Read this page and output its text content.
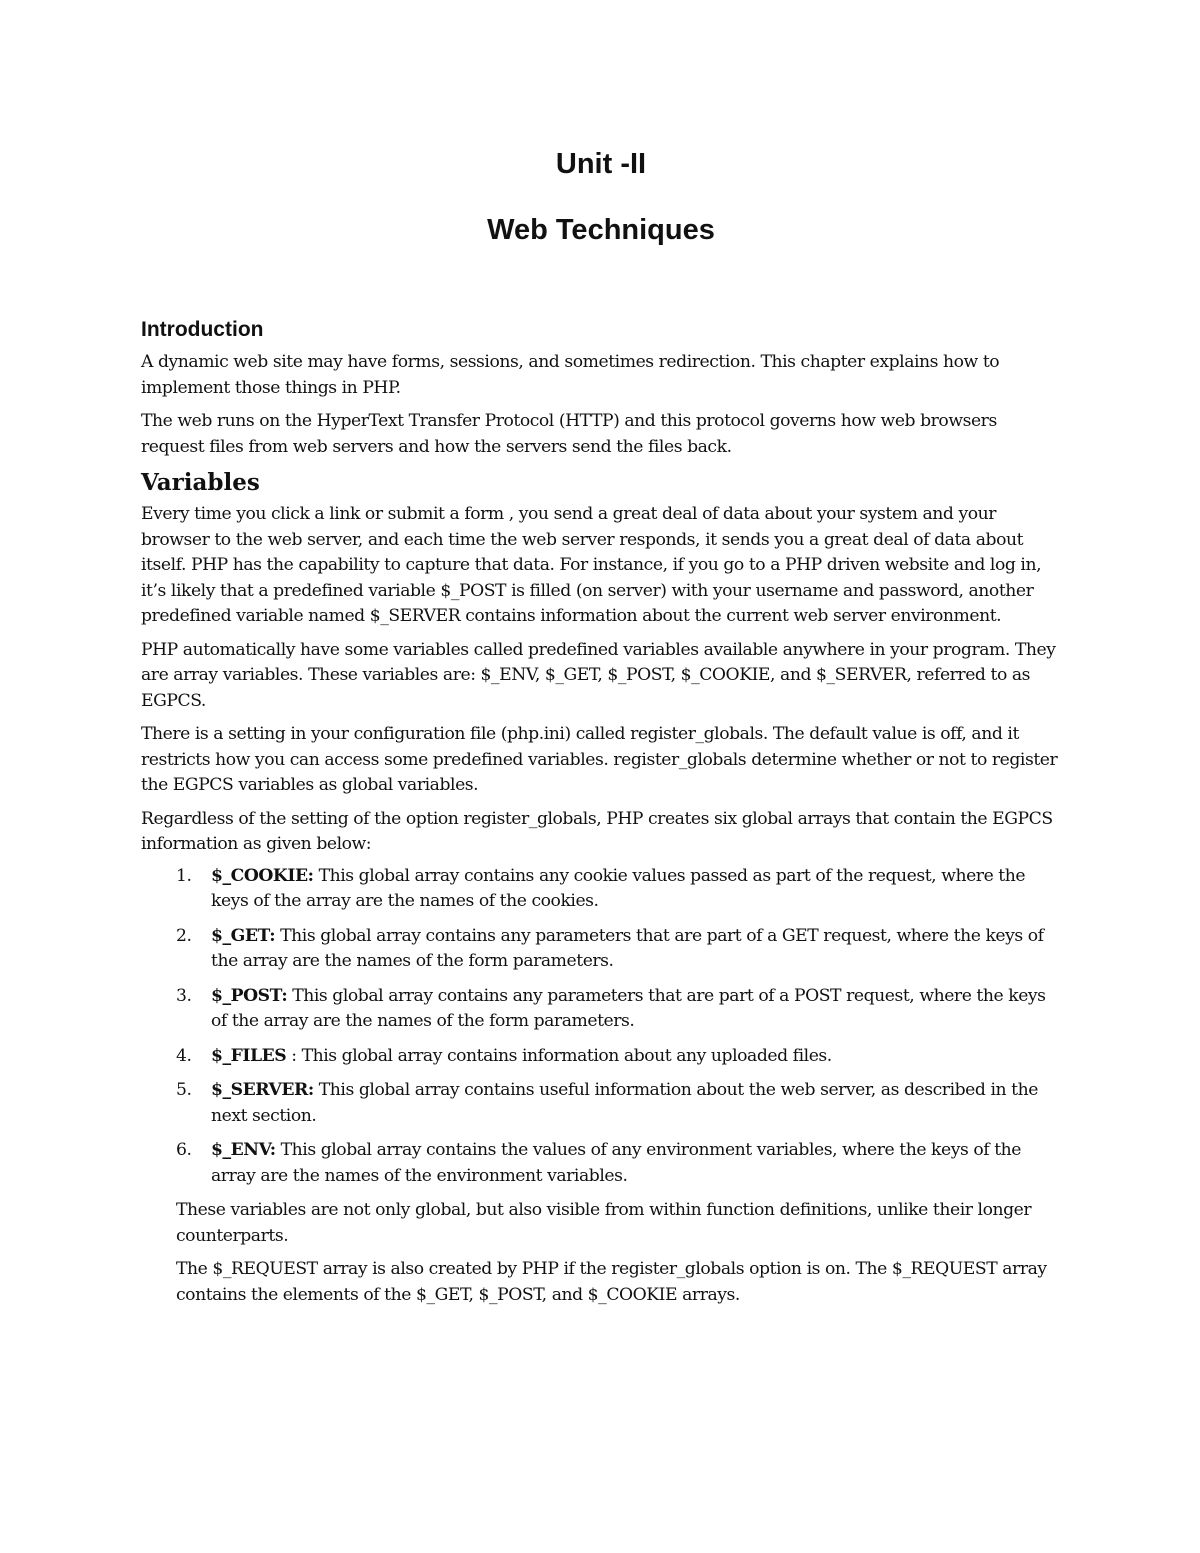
Unit -II
Web Techniques
Introduction

A dynamic web site may have forms, sessions, and sometimes redirection. This chapter explains how to implement those things in PHP.

The web runs on the HyperText Transfer Protocol (HTTP) and this protocol governs how web browsers request files from web servers and how the servers send the files back.

Variables

Every time you click a link or submit a form , you send a great deal of data about your system and your browser to the web server, and each time the web server responds, it sends you a great deal of data about itself. PHP has the capability to capture that data. For instance, if you go to a PHP driven website and log in, it’s likely that a predefined variable $_POST is filled (on server) with your username and password, another predefined variable named $_SERVER contains information about the current web server environment.

PHP automatically have some variables called predefined variables available anywhere in your program. They are array variables. These variables are: $_ENV, $_GET, $_POST, $_COOKIE, and $_SERVER, referred to as EGPCS.

There is a setting in your configuration file (php.ini) called register_globals. The default value is off, and it restricts how you can access some predefined variables. register_globals determine whether or not to register the EGPCS variables as global variables.

Regardless of the setting of the option register_globals, PHP creates six global arrays that contain the EGPCS information as given below:

1. $_COOKIE: This global array contains any cookie values passed as part of the request, where the keys of the array are the names of the cookies.
2. $_GET: This global array contains any parameters that are part of a GET request, where the keys of the array are the names of the form parameters.
3. $_POST: This global array contains any parameters that are part of a POST request, where the keys of the array are the names of the form parameters.
4. $_FILES : This global array contains information about any uploaded files.
5. $_SERVER: This global array contains useful information about the web server, as described in the next section.
6. $_ENV: This global array contains the values of any environment variables, where the keys of the array are the names of the environment variables.

These variables are not only global, but also visible from within function definitions, unlike their longer counterparts.

The $_REQUEST array is also created by PHP if the register_globals option is on. The $_REQUEST array contains the elements of the $_GET, $_POST, and $_COOKIE arrays.
